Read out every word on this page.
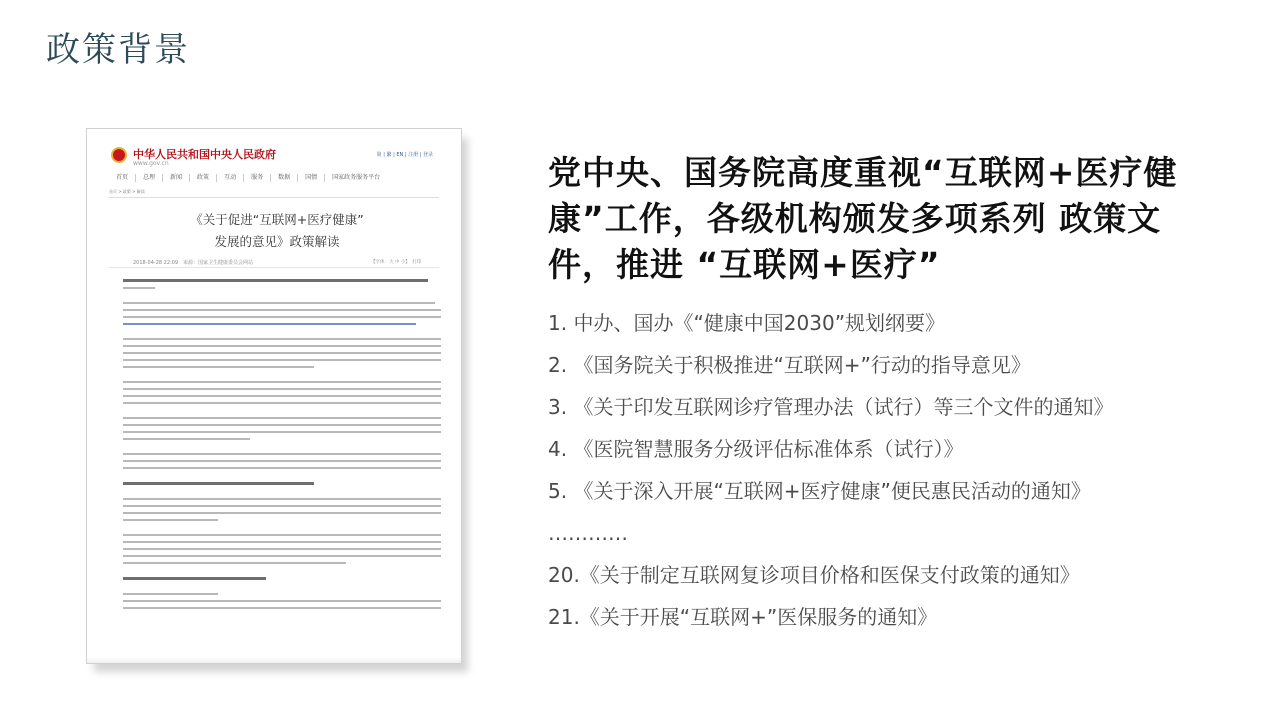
政策背景
中华人民共和国中央人民政府
www.gov.cn
简 | 繁 | EN | 注册 | 登录
首页	总理	新闻	政策	互动	服务	数据	国情	国家政务服务平台
首页 > 政策 > 解读
《关于促进“互联网+医疗健康”
发展的意见》政策解读
2018-04-28 22:09　来源：国家卫生健康委员会网站	【字体：大 中 小】　打印
党中央、国务院高度重视“互联网+医疗健康”工作，各级机构颁发多项系列 政策文件，推进 “互联网+医疗”
1. 中办、国办《“健康中国2030”规划纲要》
2. 《国务院关于积极推进“互联网+”行动的指导意见》
3. 《关于印发互联网诊疗管理办法（试行）等三个文件的通知》
4. 《医院智慧服务分级评估标准体系（试行）》
5. 《关于深入开展“互联网+医疗健康”便民惠民活动的通知》
…………
20.《关于制定互联网复诊项目价格和医保支付政策的通知》
21.《关于开展“互联网+”医保服务的通知》
